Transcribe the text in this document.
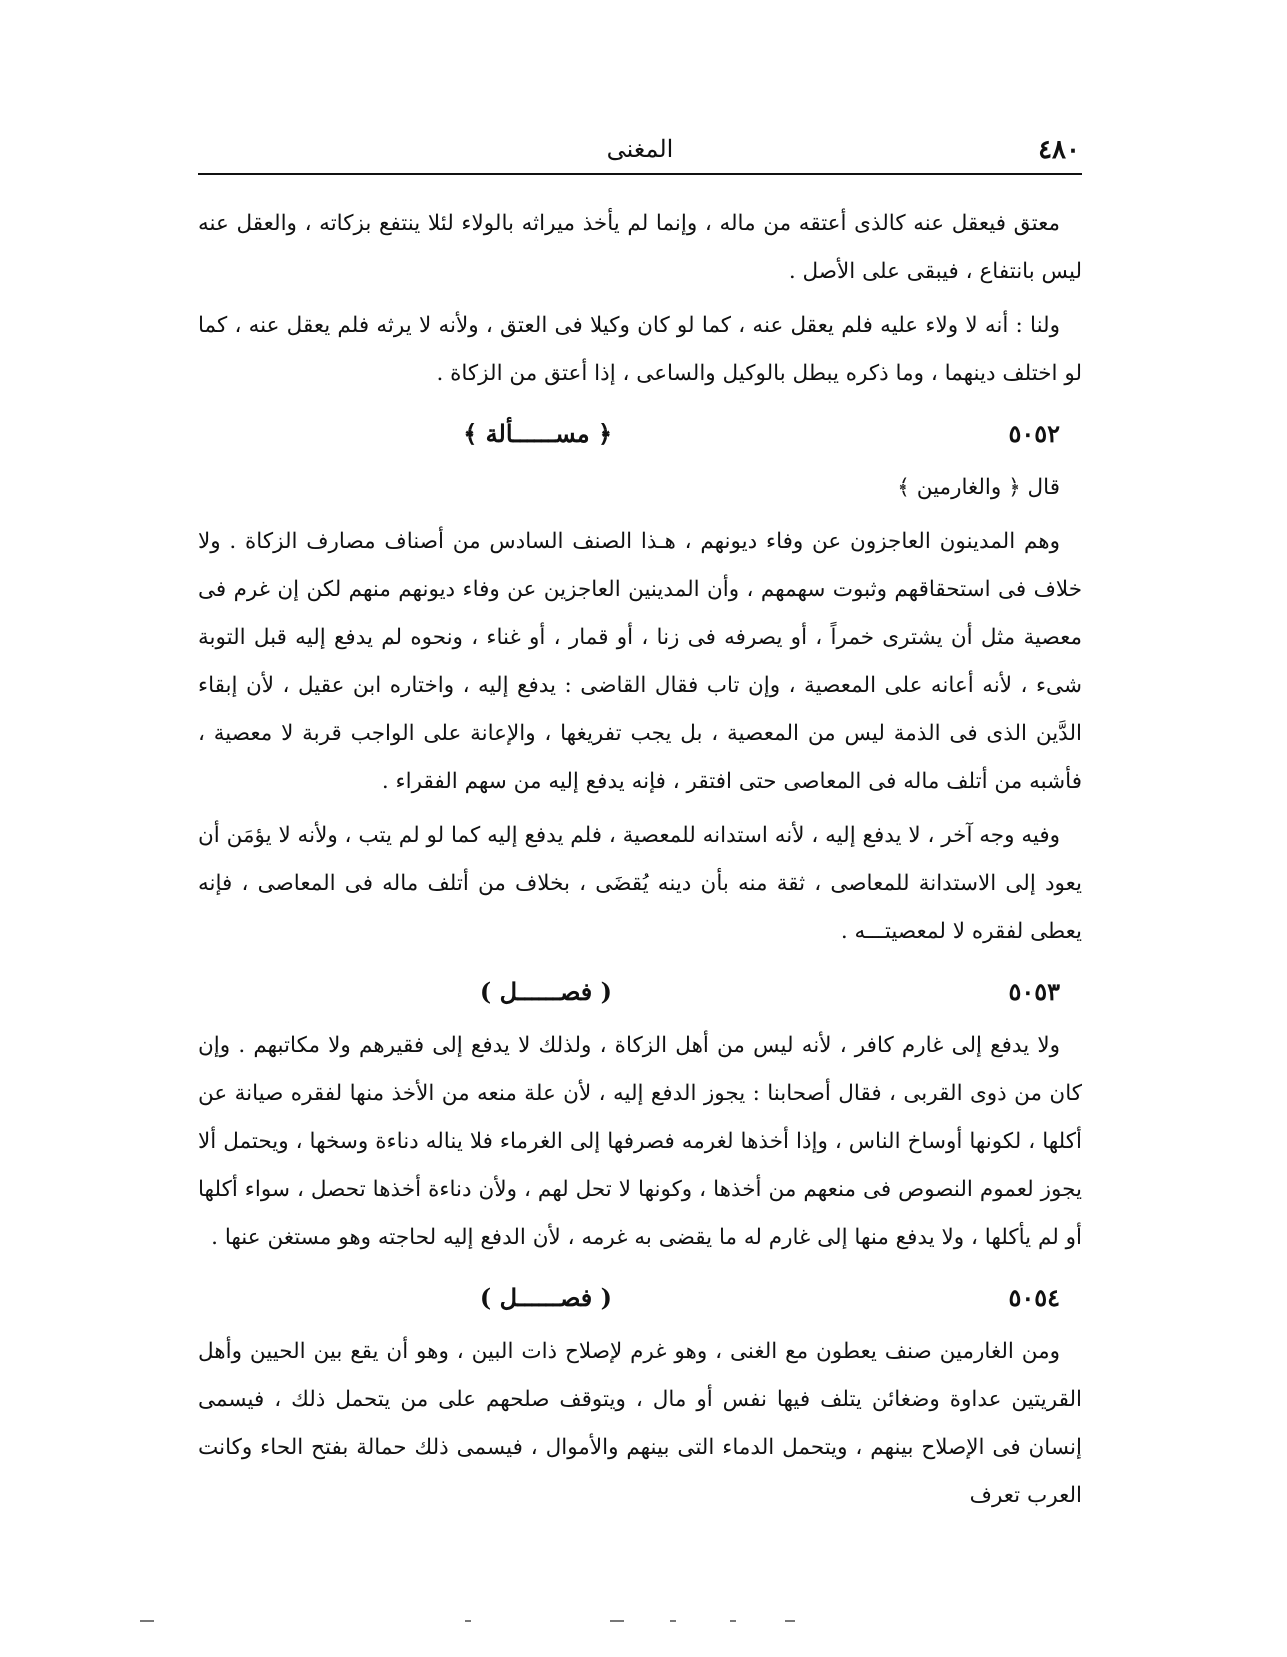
٤٨٠
المغنى

معتق فيعقل عنه كالذى أعتقه من ماله ، وإنما لم يأخذ ميراثه بالولاء لئلا ينتفع بزكاته ، والعقل عنه ليس بانتفاع ، فيبقى على الأصل .

ولنا : أنه لا ولاء عليه فلم يعقل عنه ، كما لو كان وكيلا فى العتق ، ولأنه لا يرثه فلم يعقل عنه ، كما لو اختلف دينهما ، وما ذكره يبطل بالوكيل والساعى ، إذا أعتق من الزكاة .

٥٠٥٢
﴿ مســــــألة ﴾

قال ﴿ والغارمين ﴾

وهم المدينون العاجزون عن وفاء ديونهم ، هـذا الصنف السادس من أصناف مصارف الزكاة . ولا خلاف فى استحقاقهم وثبوت سهمهم ، وأن المدينين العاجزين عن وفاء ديونهم منهم لكن إن غرم فى معصية مثل أن يشترى خمراً ، أو يصرفه فى زنا ، أو قمار ، أو غناء ، ونحوه لم يدفع إليه قبل التوبة شىء ، لأنه أعانه على المعصية ، وإن تاب فقال القاضى : يدفع إليه ، واختاره ابن عقيل ، لأن إبقاء الدَّين الذى فى الذمة ليس من المعصية ، بل يجب تفريغها ، والإعانة على الواجب قربة لا معصية ، فأشبه من أتلف ماله فى المعاصى حتى افتقر ، فإنه يدفع إليه من سهم الفقراء .

وفيه وجه آخر ، لا يدفع إليه ، لأنه استدانه للمعصية ، فلم يدفع إليه كما لو لم يتب ، ولأنه لا يؤمَن أن يعود إلى الاستدانة للمعاصى ، ثقة منه بأن دينه يُقضَى ، بخلاف من أتلف ماله فى المعاصى ، فإنه يعطى لفقره لا لمعصيتـــه .

٥٠٥٣
( فصــــــل )

ولا يدفع إلى غارم كافر ، لأنه ليس من أهل الزكاة ، ولذلك لا يدفع إلى فقيرهم ولا مكاتبهم . وإن كان من ذوى القربى ، فقال أصحابنا : يجوز الدفع إليه ، لأن علة منعه من الأخذ منها لفقره صيانة عن أكلها ، لكونها أوساخ الناس ، وإذا أخذها لغرمه فصرفها إلى الغرماء فلا يناله دناءة وسخها ، ويحتمل ألا يجوز لعموم النصوص فى منعهم من أخذها ، وكونها لا تحل لهم ، ولأن دناءة أخذها تحصل ، سواء أكلها أو لم يأكلها ، ولا يدفع منها إلى غارم له ما يقضى به غرمه ، لأن الدفع إليه لحاجته وهو مستغن عنها .

٥٠٥٤
( فصــــــل )

ومن الغارمين صنف يعطون مع الغنى ، وهو غرم لإصلاح ذات البين ، وهو أن يقع بين الحيين وأهل القريتين عداوة وضغائن يتلف فيها نفس أو مال ، ويتوقف صلحهم على من يتحمل ذلك ، فيسمى إنسان فى الإصلاح بينهم ، ويتحمل الدماء التى بينهم والأموال ، فيسمى ذلك حمالة بفتح الحاء وكانت العرب تعرف
